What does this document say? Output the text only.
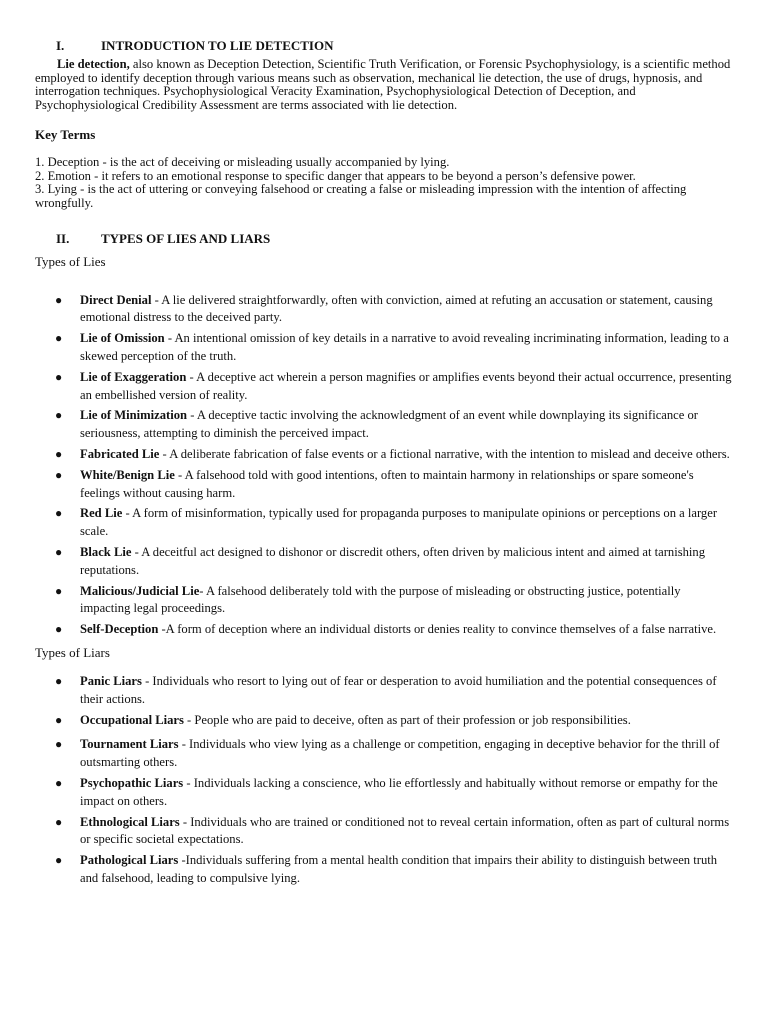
I.	INTRODUCTION TO LIE DETECTION

Lie detection, also known as Deception Detection, Scientific Truth Verification, or Forensic Psychophysiology, is a scientific method employed to identify deception through various means such as observation, mechanical lie detection, the use of drugs, hypnosis, and interrogation techniques. Psychophysiological Veracity Examination, Psychophysiological Detection of Deception, and Psychophysiological Credibility Assessment are terms associated with lie detection.

Key Terms
1. Deception - is the act of deceiving or misleading usually accompanied by lying.
2. Emotion - it refers to an emotional response to specific danger that appears to be beyond a person’s defensive power.
3. Lying - is the act of uttering or conveying falsehood or creating a false or misleading impression with the intention of affecting wrongfully.
II.	TYPES OF LIES AND LIARS
Types of Lies
● Direct Denial - A lie delivered straightforwardly, often with conviction, aimed at refuting an accusation or statement, causing emotional distress to the deceived party.
● Lie of Omission - An intentional omission of key details in a narrative to avoid revealing incriminating information, leading to a skewed perception of the truth.
● Lie of Exaggeration - A deceptive act wherein a person magnifies or amplifies events beyond their actual occurrence, presenting an embellished version of reality.
● Lie of Minimization - A deceptive tactic involving the acknowledgment of an event while downplaying its significance or seriousness, attempting to diminish the perceived impact.
● Fabricated Lie - A deliberate fabrication of false events or a fictional narrative, with the intention to mislead and deceive others.
● White/Benign Lie - A falsehood told with good intentions, often to maintain harmony in relationships or spare someone's feelings without causing harm.
● Red Lie - A form of misinformation, typically used for propaganda purposes to manipulate opinions or perceptions on a larger scale.
● Black Lie - A deceitful act designed to dishonor or discredit others, often driven by malicious intent and aimed at tarnishing reputations.
● Malicious/Judicial Lie- A falsehood deliberately told with the purpose of misleading or obstructing justice, potentially impacting legal proceedings.
● Self-Deception -A form of deception where an individual distorts or denies reality to convince themselves of a false narrative.
Types of Liars
● Panic Liars - Individuals who resort to lying out of fear or desperation to avoid humiliation and the potential consequences of their actions.
● Occupational Liars - People who are paid to deceive, often as part of their profession or job responsibilities.
● Tournament Liars - Individuals who view lying as a challenge or competition, engaging in deceptive behavior for the thrill of outsmarting others.
● Psychopathic Liars - Individuals lacking a conscience, who lie effortlessly and habitually without remorse or empathy for the impact on others.
● Ethnological Liars - Individuals who are trained or conditioned not to reveal certain information, often as part of cultural norms or specific societal expectations.
● Pathological Liars -Individuals suffering from a mental health condition that impairs their ability to distinguish between truth and falsehood, leading to compulsive lying.
